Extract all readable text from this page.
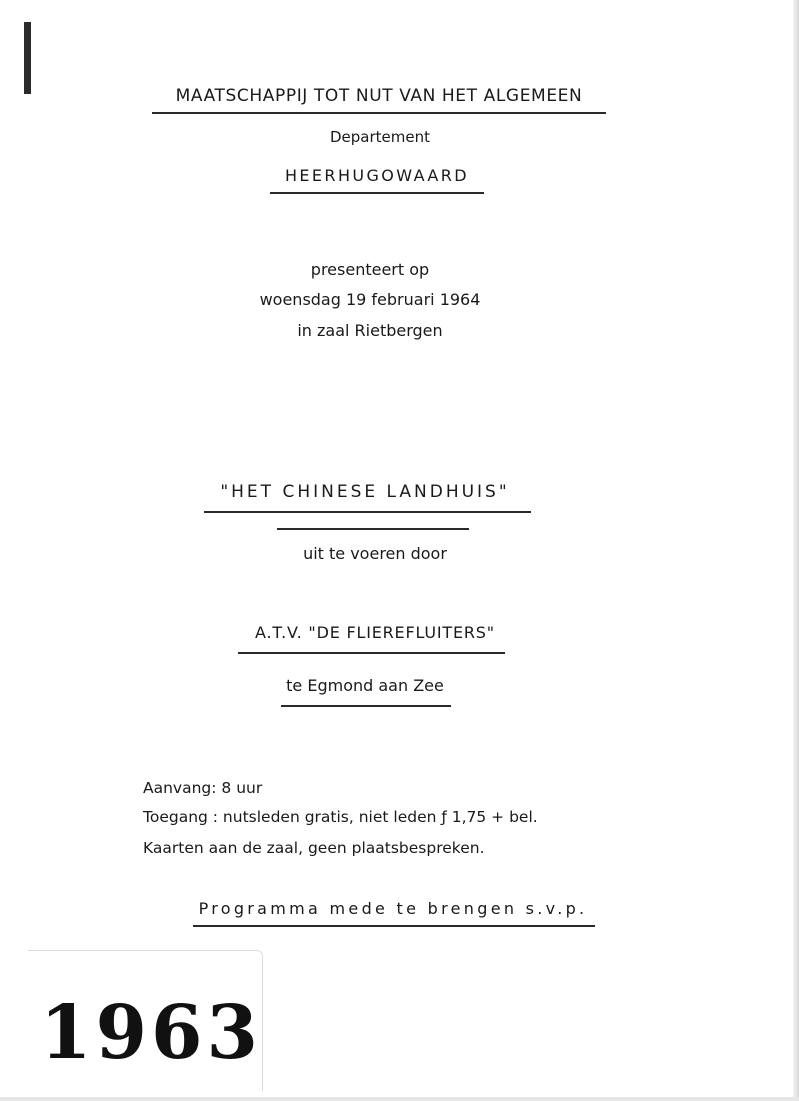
MAATSCHAPPIJ TOT NUT VAN HET ALGEMEEN
Departement
HEERHUGOWAARD
presenteert op
woensdag 19 februari 1964
in zaal Rietbergen
"HET CHINESE LANDHUIS"
uit te voeren door
A.T.V. "DE FLIEREFLUITERS"
te Egmond aan Zee
Aanvang: 8 uur
Toegang : nutsleden gratis, niet leden ƒ 1,75 + bel.
Kaarten aan de zaal, geen plaatsbespreken.
Programma mede te brengen s.v.p.
1963
